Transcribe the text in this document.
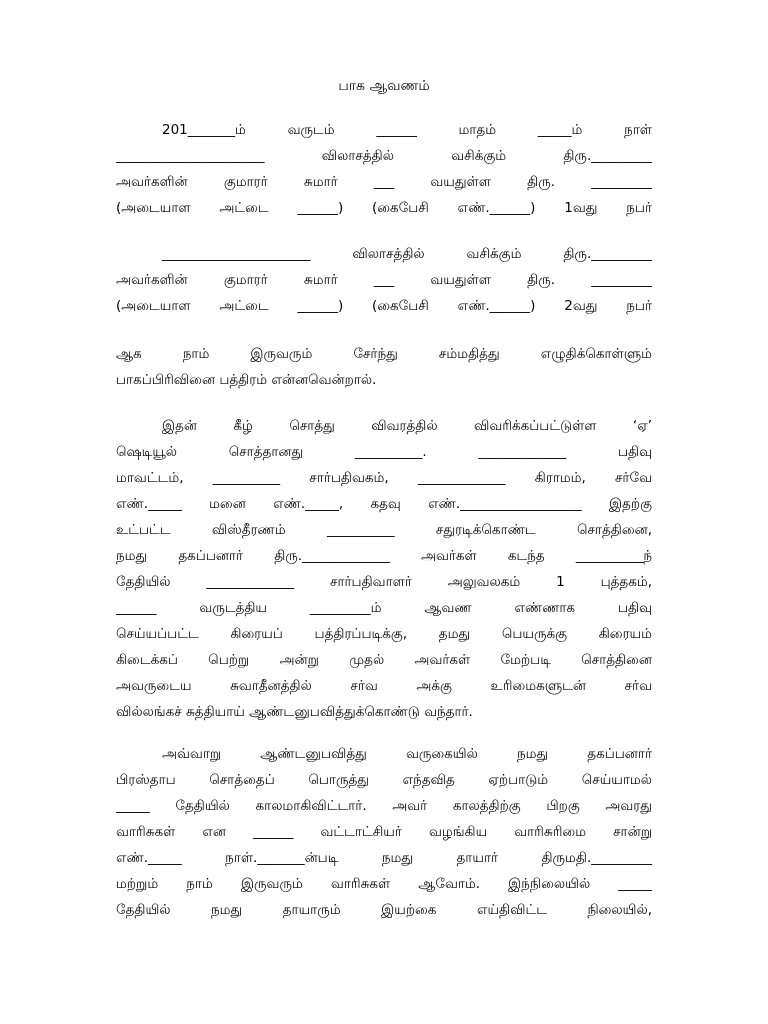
பாக ஆவணம்
201_______ம் வருடம் ______ மாதம் _____ம் நாள்
______________________ விலாசத்தில் வசிக்கும் திரு._________
அவர்களின் குமாரர் சுமார் ___ வயதுள்ள திரு. _________
(அடையாள அட்டை ______) (கைபேசி எண்.______) 1வது நபர்
______________________ விலாசத்தில் வசிக்கும் திரு._________
அவர்களின் குமாரர் சுமார் ___ வயதுள்ள திரு. _________
(அடையாள அட்டை ______) (கைபேசி எண்.______) 2வது நபர்
ஆக நாம் இருவரும் சேர்ந்து சம்மதித்து எழுதிக்கொள்ளும்
பாகப்பிரிவினை பத்திரம் என்னவென்றால்.
இதன் கீழ் சொத்து விவரத்தில் விவரிக்கப்பட்டுள்ள ‘ஏ’
ஷெடியூல் சொத்தானது __________. _____________ பதிவு
மாவட்டம், __________ சார்பதிவகம், _____________ கிராமம், சர்வே
எண்._____ மனை எண்._____, கதவு எண்.__________________ இதற்கு
உட்பட்ட விஸ்தீரணம் __________ சதுரடிக்கொண்ட சொத்தினை,
நமது தகப்பனார் திரு._____________ அவர்கள் கடந்த __________ந்
தேதியில் _____________ சார்பதிவாளர் அலுவலகம் 1 புத்தகம்,
______ வருடத்திய _________ம் ஆவண எண்ணாக பதிவு
செய்யப்பட்ட கிரையப் பத்திரப்படிக்கு, தமது பெயருக்கு கிரையம்
கிடைக்கப் பெற்று அன்று முதல் அவர்கள் மேற்படி சொத்தினை
அவருடைய சுவாதீனத்தில் சர்வ அக்கு உரிமைகளுடன் சர்வ
வில்லங்கச் சுத்தியாய் ஆண்டனுபவித்துக்கொண்டு வந்தார்.
அவ்வாறு ஆண்டனுபவித்து வருகையில் நமது தகப்பனார்
பிரஸ்தாப சொத்தைப் பொருத்து எந்தவித ஏற்பாடும் செய்யாமல்
_____ தேதியில் காலமாகிவிட்டார். அவர் காலத்திற்கு பிறகு அவரது
வாரிசுகள் என ______ வட்டாட்சியர் வழங்கிய வாரிசுரிமை சான்று
எண்._____ நாள்._______ன்படி நமது தாயார் திருமதி._________
மற்றும் நாம் இருவரும் வாரிசுகள் ஆவோம். இந்நிலையில் _____
தேதியில் நமது தாயாரும் இயற்கை எய்திவிட்ட நிலையில்,
